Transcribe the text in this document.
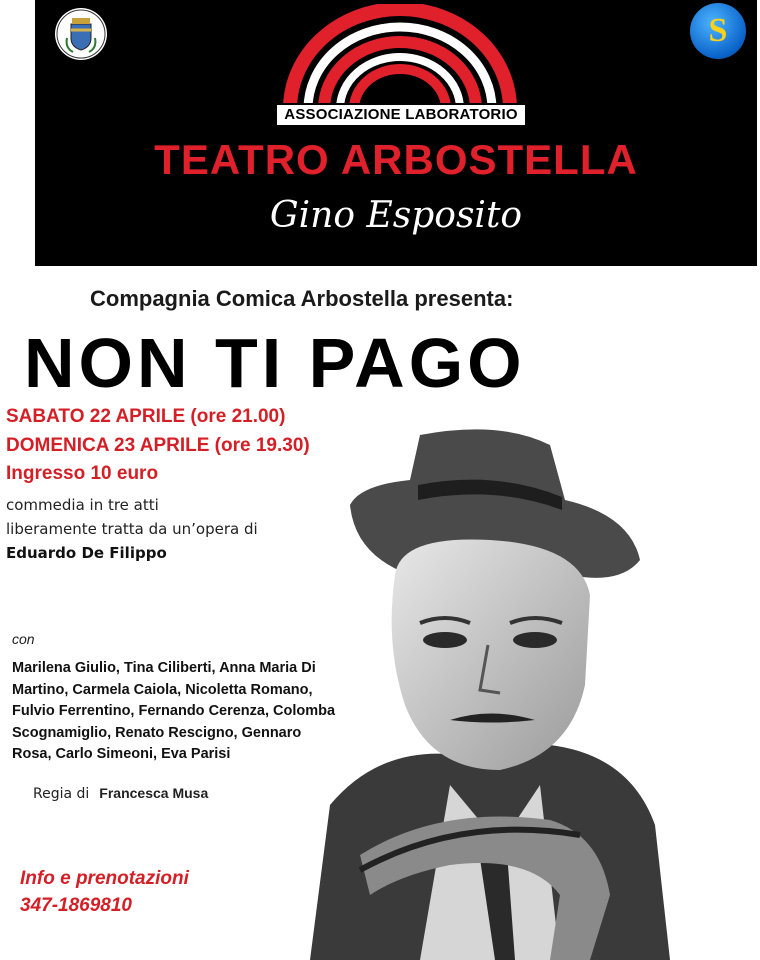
S
ASSOCIAZIONE LABORATORIO
TEATRO ARBOSTELLA
Gino Esposito
Compagnia Comica Arbostella presenta:
NON TI PAGO
SABATO 22 APRILE (ore 21.00)
DOMENICA 23 APRILE (ore 19.30)
Ingresso 10 euro
commedia in tre atti
liberamente tratta da un’opera di
Eduardo De Filippo
con
Marilena Giulio, Tina Ciliberti, Anna Maria Di Martino, Carmela Caiola, Nicoletta Romano, Fulvio Ferrentino, Fernando Cerenza, Colomba Scognamiglio, Renato Rescigno, Gennaro Rosa, Carlo Simeoni, Eva Parisi
Regia di Francesca Musa
Info e prenotazioni
347-1869810
